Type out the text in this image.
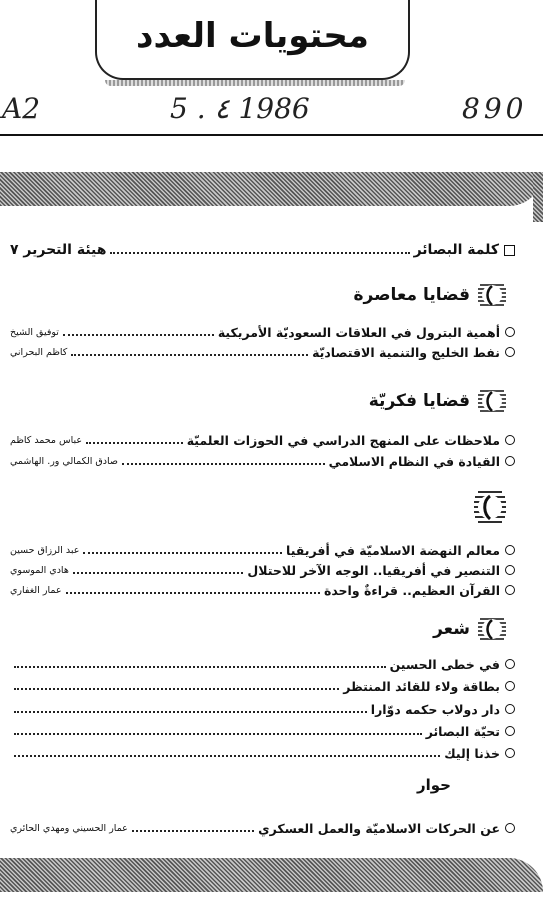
محتويات العدد
A2	5 . ٤ 1986	890
كلمة البصائر
هيئة التحرير ٧
قضايا معاصرة
أهمية البترول في العلاقات السعوديّة الأمريكية
توفيق الشيخ
نفط الخليج والتنمية الاقتصاديّة
كاظم البحراني
قضايا فكريّة
ملاحظات على المنهج الدراسي في الحوزات العلميّة
عباس محمد كاظم
القيادة في النظام الاسلامي
صادق الكمالي ور. الهاشمي
معالم النهضة الاسلاميّة في أفريقيا
عبد الرزاق حسين
التنصير في أفريقيا.. الوجه الآخر للاحتلال
هادي الموسوي
القرآن العظيم.. قراءةٌ واحدة
عمار الغفاري
شعر
في خطى الحسين
بطاقة ولاء للقائد المنتظر
دار دولاب حكمه دوّارا
تحيّة البصائر
خذنا إليك
حوار
عن الحركات الاسلاميّة والعمل العسكري
عمار الحسيني ومهدي الحائري
